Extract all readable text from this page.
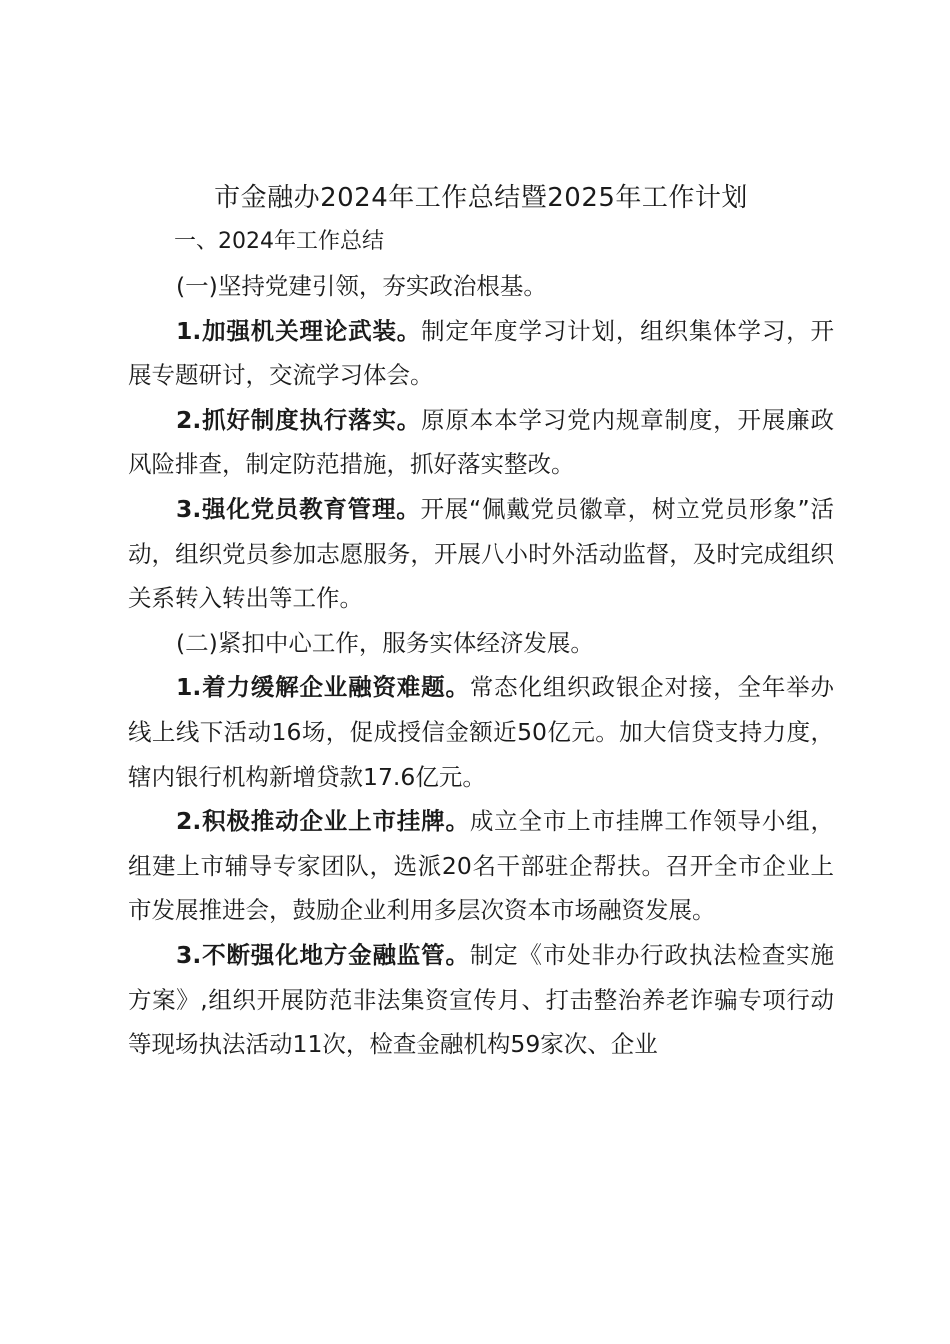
市金融办2024年工作总结暨2025年工作计划

一、2024年工作总结

(一)坚持党建引领，夯实政治根基。

1.加强机关理论武装。制定年度学习计划，组织集体学习，开展专题研讨，交流学习体会。

2.抓好制度执行落实。原原本本学习党内规章制度，开展廉政风险排查，制定防范措施，抓好落实整改。

3.强化党员教育管理。开展“佩戴党员徽章，树立党员形象”活动，组织党员参加志愿服务，开展八小时外活动监督，及时完成组织关系转入转出等工作。

(二)紧扣中心工作，服务实体经济发展。

1.着力缓解企业融资难题。常态化组织政银企对接，全年举办线上线下活动16场，促成授信金额近50亿元。加大信贷支持力度，辖内银行机构新增贷款17.6亿元。

2.积极推动企业上市挂牌。成立全市上市挂牌工作领导小组，组建上市辅导专家团队，选派20名干部驻企帮扶。召开全市企业上市发展推进会，鼓励企业利用多层次资本市场融资发展。

3.不断强化地方金融监管。制定《市处非办行政执法检查实施方案》,组织开展防范非法集资宣传月、打击整治养老诈骗专项行动等现场执法活动11次，检查金融机构59家次、企业
